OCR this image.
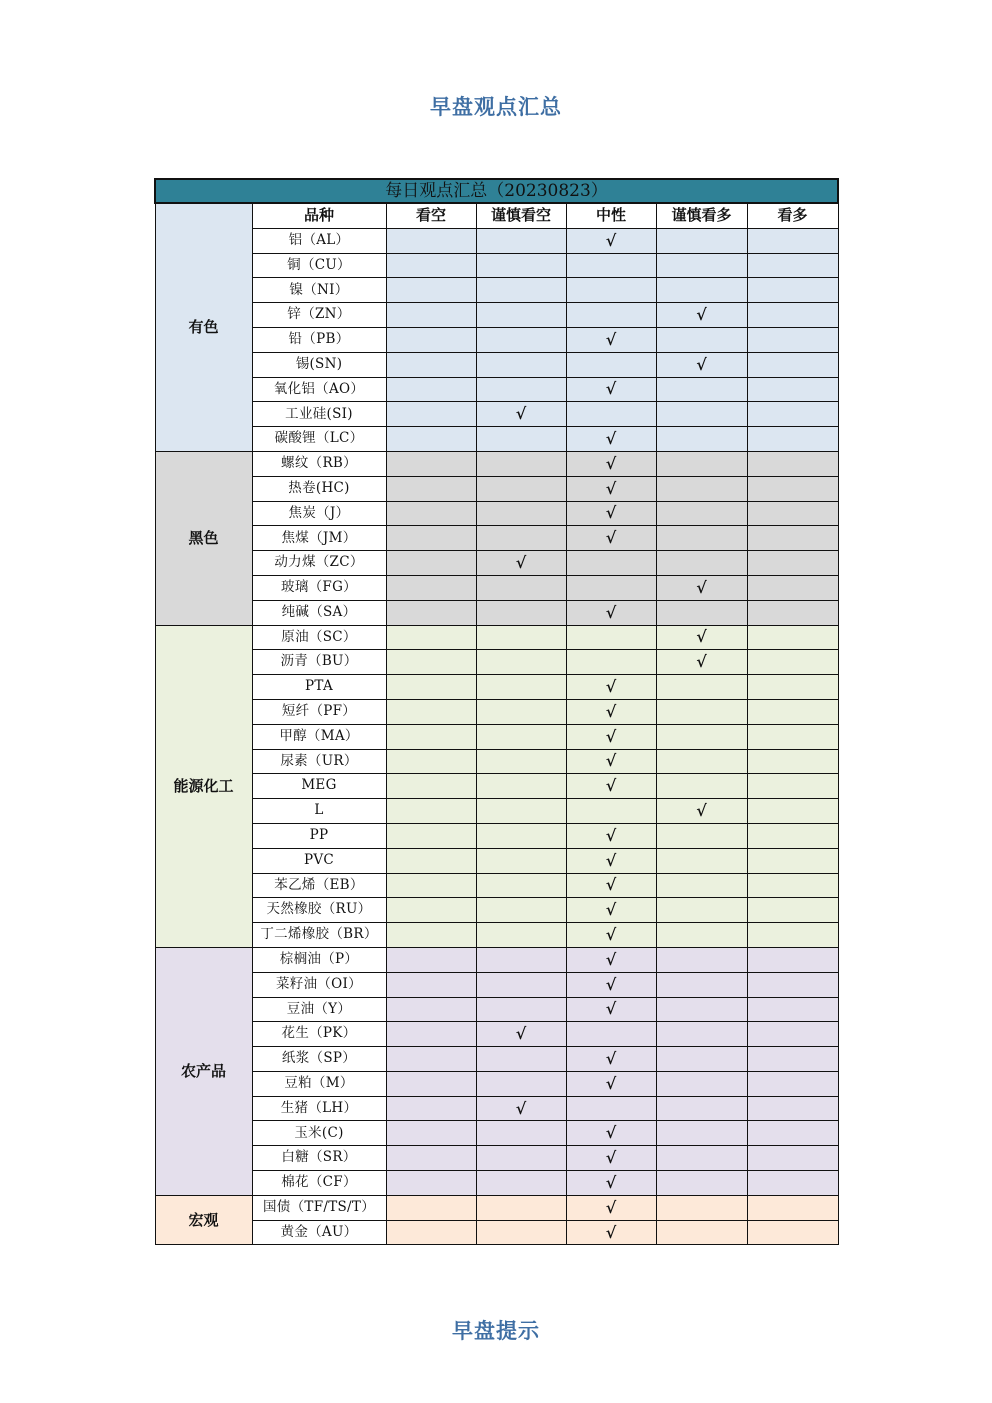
早盘观点汇总
每日观点汇总（20230823）						
有色	品种	看空	谨慎看空	中性	谨慎看多	看多
	铝（AL）			√		
	铜（CU）					
	镍（NI）					
	锌（ZN）				√	
	铅（PB）			√		
	锡(SN)				√	
	氧化铝（AO）			√		
	工业硅(SI)		√			
	碳酸锂（LC）			√		
黑色	螺纹（RB）			√		
	热卷(HC)			√		
	焦炭（J）			√		
	焦煤（JM）			√		
	动力煤（ZC）		√			
	玻璃（FG）				√	
	纯碱（SA）			√		
能源化工	原油（SC）				√	
	沥青（BU）				√	
	PTA			√		
	短纤（PF）			√		
	甲醇（MA）			√		
	尿素（UR）			√		
	MEG			√		
	L				√	
	PP			√		
	PVC			√		
	苯乙烯（EB）			√		
	天然橡胶（RU）			√		
	丁二烯橡胶（BR）			√		
农产品	棕榈油（P）			√		
	菜籽油（OI）			√		
	豆油（Y）			√		
	花生（PK）		√			
	纸浆（SP）			√		
	豆粕（M）			√		
	生猪（LH）		√			
	玉米(C)			√		
	白糖（SR）			√		
	棉花（CF）			√		
宏观	国债（TF/TS/T）			√		
	黄金（AU）			√		
早盘提示
